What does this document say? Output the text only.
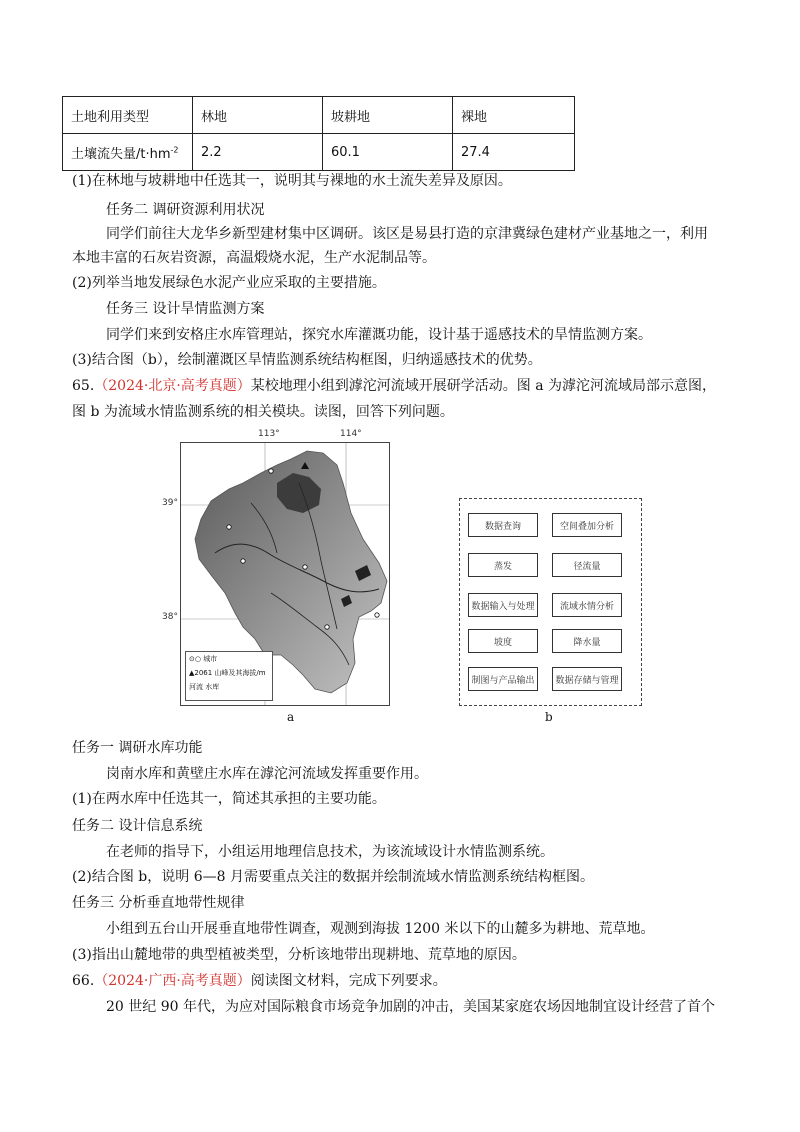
土地利用类型	林地	坡耕地	裸地
土壤流失量$/t\cdot hm^{-2}$	2.2	60.1	27.4
(1)在林地与坡耕地中任选其一，说明其与裸地的水土流失差异及原因。
任务二 调研资源利用状况
同学们前往大龙华乡新型建材集中区调研。该区是易县打造的京津冀绿色建材产业基地之一，利用
本地丰富的石灰岩资源，高温煅烧水泥，生产水泥制品等。
(2)列举当地发展绿色水泥产业应采取的主要措施。
任务三 设计旱情监测方案
同学们来到安格庄水库管理站，探究水库灌溉功能，设计基于遥感技术的旱情监测方案。
(3)结合图（b），绘制灌溉区旱情监测系统结构框图，归纳遥感技术的优势。
65.（2024·北京·高考真题）某校地理小组到滹沱河流域开展研学活动。图 a 为滹沱河流域局部示意图，
图 b 为流域水情监测系统的相关模块。读图，回答下列问题。
113°	114°
39°
38°
⊙○ 城市
▲2061 山峰及其海拔/m
河流 水库
a
数据查询	空间叠加分析
蒸发	径流量
数据输入与处理	流域水情分析
坡度	降水量
制图与产品输出	数据存储与管理
b
任务一 调研水库功能
岗南水库和黄壁庄水库在滹沱河流域发挥重要作用。
(1)在两水库中任选其一，简述其承担的主要功能。
任务二 设计信息系统
在老师的指导下，小组运用地理信息技术，为该流域设计水情监测系统。
(2)结合图 b，说明 6—8 月需要重点关注的数据并绘制流域水情监测系统结构框图。
任务三 分析垂直地带性规律
小组到五台山开展垂直地带性调查，观测到海拔 1200 米以下的山麓多为耕地、荒草地。
(3)指出山麓地带的典型植被类型，分析该地带出现耕地、荒草地的原因。
66.（2024·广西·高考真题）阅读图文材料，完成下列要求。
20 世纪 90 年代，为应对国际粮食市场竞争加剧的冲击，美国某家庭农场因地制宜设计经营了首个
